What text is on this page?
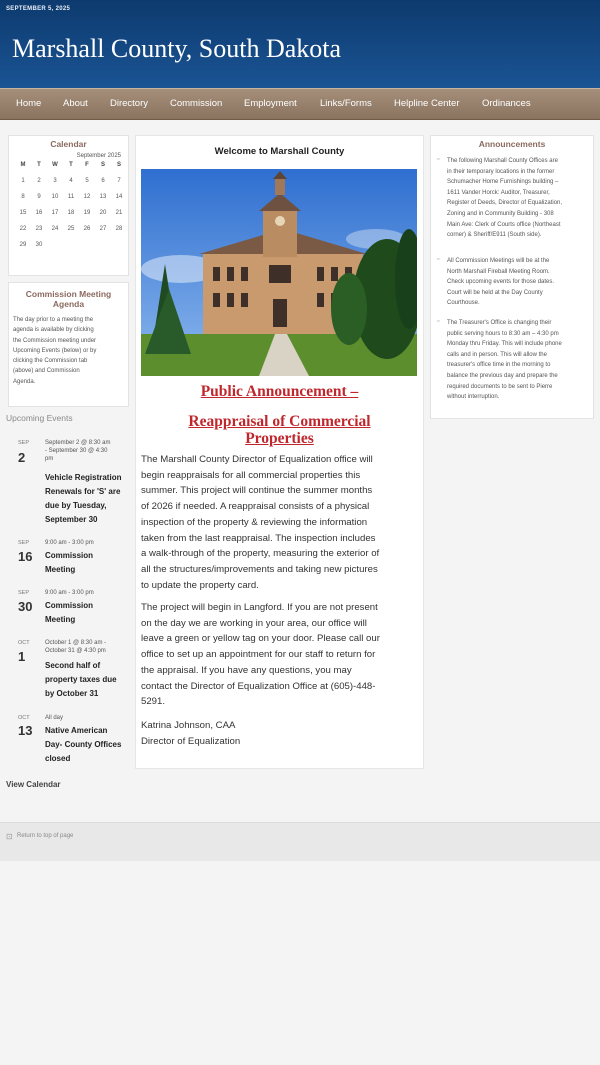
SEPTEMBER 5, 2025
Marshall County, South Dakota
Home About Directory Commission Employment Links/Forms Helpline Center Ordinances
Calendar
September 2025
M	T	W	T	F	S	S
1	2	3	4	5	6	7
8	9	10	11	12	13	14
15	16	17	18	19	20	21
22	23	24	25	26	27	28
29	30
Commission Meeting Agenda
The day prior to a meeting the
agenda is available by clicking
the Commission meeting under
Upcoming Events (below) or by
clicking the Commission tab
(above) and Commission
Agenda.
Upcoming Events
SEP
2
September 2 @ 8:30 am
- September 30 @ 4:30
pm
Vehicle Registration
Renewals for 'S' are
due by Tuesday,
September 30
SEP
16
9:00 am - 3:00 pm
Commission
Meeting
SEP
30
9:00 am - 3:00 pm
Commission
Meeting
OCT
1
October 1 @ 8:30 am -
October 31 @ 4:30 pm
Second half of
property taxes due
by October 31
OCT
13
All day
Native American
Day- County Offices
closed
View Calendar
Welcome to Marshall County
Public Announcement –
Reappraisal of Commercial
Properties
The Marshall County Director of Equalization office will
begin reappraisals for all commercial properties this
summer. This project will continue the summer months
of 2026 if needed. A reappraisal consists of a physical
inspection of the property & reviewing the information
taken from the last reappraisal. The inspection includes
a walk-through of the property, measuring the exterior of
all the structures/improvements and taking new pictures
to update the property card.
The project will begin in Langford. If you are not present
on the day we are working in your area, our office will
leave a green or yellow tag on your door. Please call our
office to set up an appointment for our staff to return for
the appraisal. If you have any questions, you may
contact the Director of Equalization Office at (605)-448-
5291.
Katrina Johnson, CAA
Director of Equalization
Announcements
▫ The following Marshall County Offices are
in their temporary locations in the former
Schumacher Home Furnishings building –
1611 Vander Horck: Auditor, Treasurer,
Register of Deeds, Director of Equalization,
Zoning and in Community Building - 308
Main Ave: Clerk of Courts office (Northeast
corner) & Sheriff/E911 (South side).
▫ All Commission Meetings will be at the
North Marshall Fireball Meeting Room.
Check upcoming events for those dates.
Court will be held at the Day County
Courthouse.
▫ The Treasurer's Office is changing their
public serving hours to 8:30 am – 4:30 pm
Monday thru Friday. This will include phone
calls and in person. This will allow the
treasurer's office time in the morning to
balance the previous day and prepare the
required documents to be sent to Pierre
without interruption.
⊡ Return to top of page
